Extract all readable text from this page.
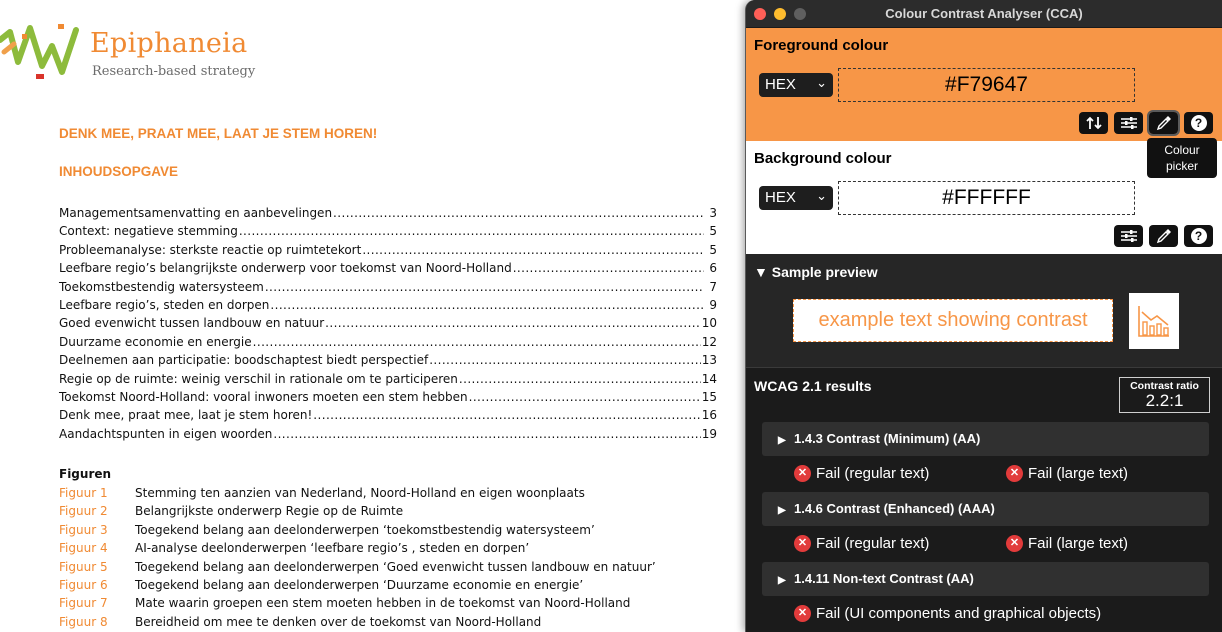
Epiphaneia
Research-based strategy
DENK MEE, PRAAT MEE, LAAT JE STEM HOREN!
INHOUDSOPGAVE
Managementsamenvatting en aanbevelingen .....	3
Context: negatieve stemming .....	5
Probleemanalyse: sterkste reactie op ruimtetekort .....	5
Leefbare regio’s belangrijkste onderwerp voor toekomst van Noord-Holland .....	6
Toekomstbestendig watersysteem .....	7
Leefbare regio’s, steden en dorpen .....	9
Goed evenwicht tussen landbouw en natuur .....	10
Duurzame economie en energie .....	12
Deelnemen aan participatie: boodschaptest biedt perspectief .....	13
Regie op de ruimte: weinig verschil in rationale om te participeren .....	14
Toekomst Noord-Holland: vooral inwoners moeten een stem hebben .....	15
Denk mee, praat mee, laat je stem horen! .....	16
Aandachtspunten in eigen woorden .....	19
Figuren
Figuur 1	Stemming ten aanzien van Nederland, Noord-Holland en eigen woonplaats
Figuur 2	Belangrijkste onderwerp Regie op de Ruimte
Figuur 3	Toegekend belang aan deelonderwerpen ‘toekomstbestendig watersysteem’
Figuur 4	AI-analyse deelonderwerpen ‘leefbare regio’s , steden en dorpen’
Figuur 5	Toegekend belang aan deelonderwerpen ‘Goed evenwicht tussen landbouw en natuur’
Figuur 6	Toegekend belang aan deelonderwerpen ‘Duurzame economie en energie’
Figuur 7	Mate waarin groepen een stem moeten hebben in de toekomst van Noord-Holland
Figuur 8	Bereidheid om mee te denken over de toekomst van Noord-Holland
Colour Contrast Analyser (CCA)
Foreground colour
HEX ⌄	#F79647
?
Background colour
HEX ⌄	#FFFFFF
?
▼ Sample preview
example text showing contrast
WCAG 2.1 results	Contrast ratio
2.2:1
▶ 1.4.3 Contrast (Minimum) (AA)
✕ Fail (regular text)	✕ Fail (large text)
▶ 1.4.6 Contrast (Enhanced) (AAA)
✕ Fail (regular text)	✕ Fail (large text)
▶ 1.4.11 Non-text Contrast (AA)
✕ Fail (UI components and graphical objects)
Colour
picker
